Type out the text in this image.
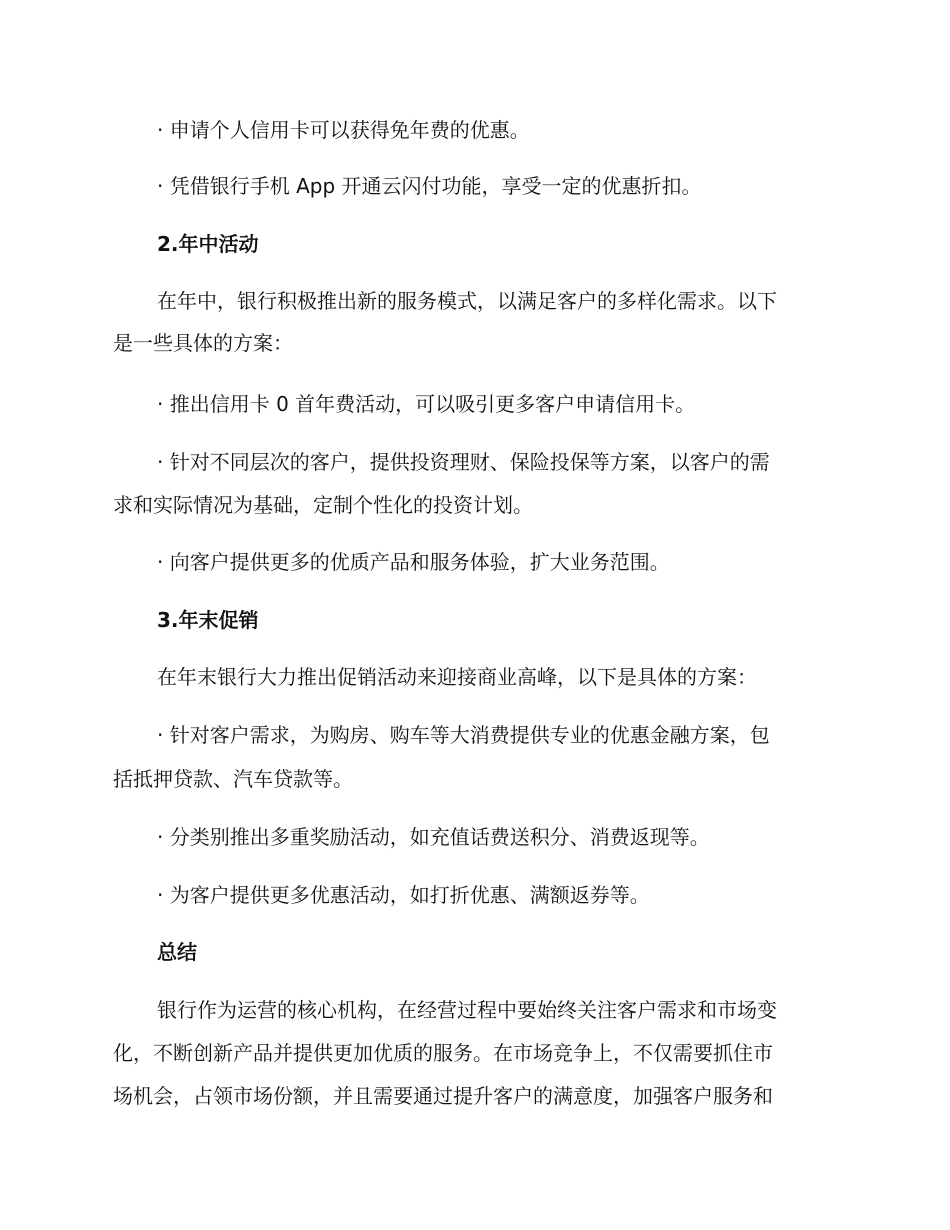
· 申请个人信用卡可以获得免年费的优惠。
· 凭借银行手机 App 开通云闪付功能，享受一定的优惠折扣。
2.年中活动
在年中，银行积极推出新的服务模式，以满足客户的多样化需求。以下
是一些具体的方案：
· 推出信用卡 0 首年费活动，可以吸引更多客户申请信用卡。
· 针对不同层次的客户，提供投资理财、保险投保等方案，以客户的需
求和实际情况为基础，定制个性化的投资计划。
· 向客户提供更多的优质产品和服务体验，扩大业务范围。
3.年末促销
在年末银行大力推出促销活动来迎接商业高峰，以下是具体的方案：
· 针对客户需求，为购房、购车等大消费提供专业的优惠金融方案，包
括抵押贷款、汽车贷款等。
· 分类别推出多重奖励活动，如充值话费送积分、消费返现等。
· 为客户提供更多优惠活动，如打折优惠、满额返券等。
总结
银行作为运营的核心机构，在经营过程中要始终关注客户需求和市场变
化，不断创新产品并提供更加优质的服务。在市场竞争上，不仅需要抓住市
场机会，占领市场份额，并且需要通过提升客户的满意度，加强客户服务和
